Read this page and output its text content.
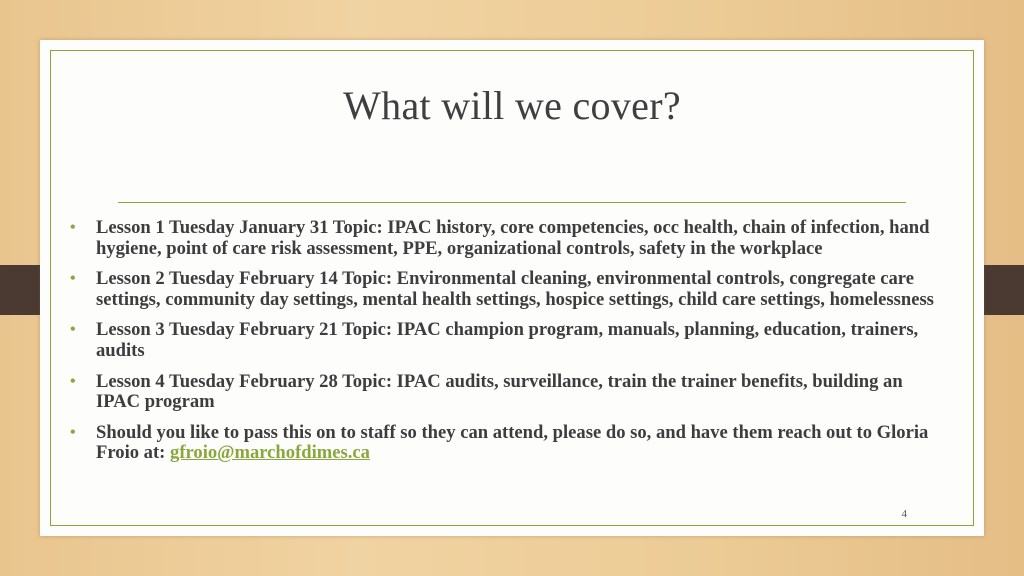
What will we cover?
• Lesson 1 Tuesday January 31 Topic: IPAC history, core competencies, occ health, chain of infection, hand hygiene, point of care risk assessment, PPE, organizational controls, safety in the workplace
• Lesson 2 Tuesday February 14 Topic: Environmental cleaning, environmental controls, congregate care settings, community day settings, mental health settings, hospice settings, child care settings, homelessness
• Lesson 3 Tuesday February 21 Topic: IPAC champion program, manuals, planning, education, trainers, audits
• Lesson 4 Tuesday February 28 Topic: IPAC audits, surveillance, train the trainer benefits, building an IPAC program
• Should you like to pass this on to staff so they can attend, please do so, and have them reach out to Gloria Froio at: gfroio@marchofdimes.ca
4
